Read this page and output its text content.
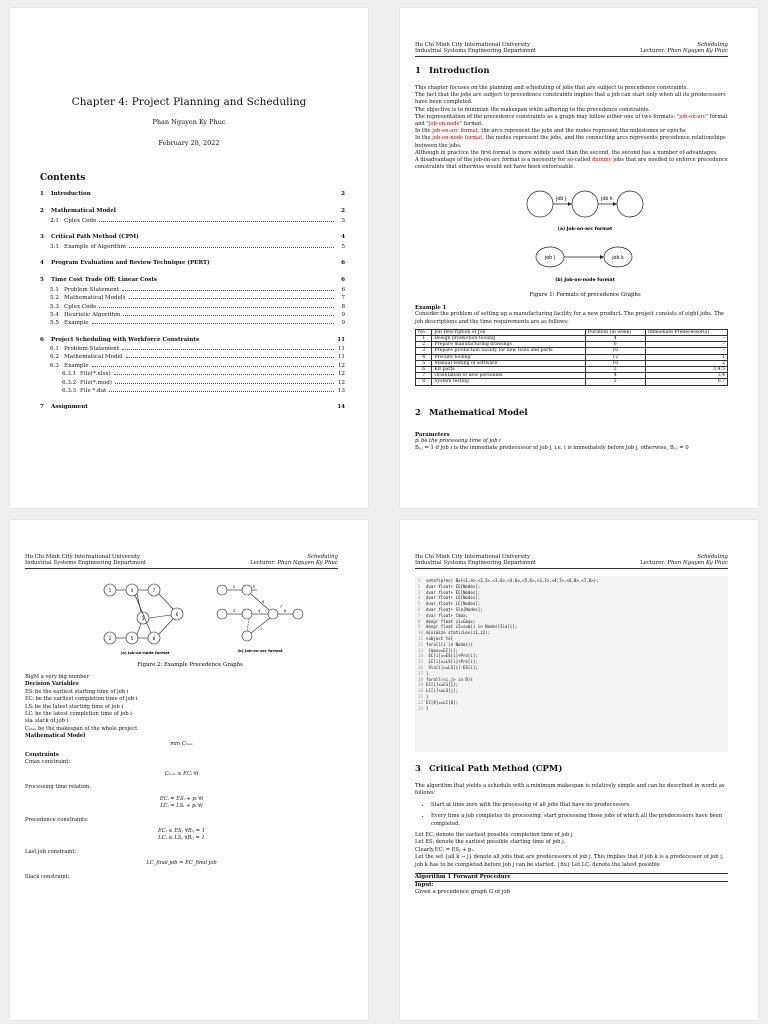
Chapter 4: Project Planning and Scheduling
Phan Nguyen Ky Phuc
February 28, 2022
Contents
1	Introduction	2
2	Mathematical Model	2
2.1 Cplex Code	3
3	Critical Path Method (CPM)	4
3.1 Example of Algorithm	5
4	Program Evaluation and Review Technique (PERT)	6
5	Time Cost Trade Off: Linear Costs	6
5.1 Problem Statement	6
5.2 Mathematical Models	7
5.3 Cplex Code	8
5.4 Heuristic Algorithm	9
5.5 Example	9
6	Project Scheduling with Workforce Constraints	11
6.1 Problem Statement	11
6.2 Mathematical Model	11
6.3 Example	12
6.3.1 File(*.xlsx)	12
6.3.2 File(*.mod)	12
6.3.3 File *.dat	13
7	Assignment	14
Ho Chi Minh City International University
Industrial Systems Engineering Department
Scheduling
Lecturer: Phan Nguyen Ky Phuc
1 Introduction

This chapter focuses on the planning and scheduling of jobs that are subject to precedence constraints.

The fact that the jobs are subject to precedence constraints implies that a job can start only when all its predecessors have been completed.

The objective is to minimize the makespan while adhering to the precedence constraints.

The representation of the precedence constraints as a graph may follow either one of two formats: "job-on-arc" format and "job-on-node" format.

In the job-on-arc format, the arcs represent the jobs and the nodes represent the milestones or epochs

In the job-on-node format, the nodes represent the jobs, and the connecting arcs represents precedence relationships between the jobs.

Although in practice the first format is more widely used than the second, the second has a number of advantages.

A disadvantage of the job-on-arc format is a necessity for so-called dummy jobs that are needed to enforce precedence constraints that otherwise would not have been enforceable.

job j	job k
(a) Job-on-arc format
job j	job k
(b) Job-on-node format
Figure 1: Formats of precedence Graphs
Example 1

Consider the problem of setting up a manufacturing facility for a new product. The project consists of eight jobs. The job descriptions and the time requirements are as follows:

No.	Job Description of Job	Duration (in week)	Immediate Predecessor(s)
1	Design production tooling	4	–
2	Prepare manufacturing drawings	6	–
3	Prepare production facility for new tools and parts	10	–
4	Procure tooling	12	1
5	Manual testing of software	10	2
6	Kit parts	2	3,4,5
7	Orientation of new personnel	4	3,4
8	System testing	2	6,7
2 Mathematical Model
Parameters

pᵢ be the processing time of job i

Bᵢ,ⱼ = 1 if job i is the immediate predecessor of job j, i.e. i is immediately before job j, otherwise, Bᵢ,ⱼ = 0

Ho Chi Minh City International University
Industrial Systems Engineering Department
Scheduling
Lecturer: Phan Nguyen Ky Phuc
1	4	7
3
6
2	5	8
2	5
3	4	8
6
7
1
(a) Job-on-node format	(b) Job-on-arc format
Figure 2: Example Precedence Graphs
BigM a very big number
Decision Variables
ESᵢ be the earliest starting time of job i
ECᵢ be the earliest completion time of job i
LSᵢ be the latest starting time of job i
LCᵢ be the latest completion time of job i
slaᵢ slack of job i
Cₘₐₓ be the makespan of the whole project
Mathematical Model
min Cₘₐₓ
Constraints
Cmax constraint:
Cₘₐₓ ≥ ECᵢ ∀i
Processing time relation:
ECᵢ = ESᵢ + pᵢ ∀i
LCᵢ = LSᵢ + pᵢ ∀i
Precedence constraints:
ECᵢ ≤ ESⱼ ∀Bᵢⱼ = 1
LCᵢ ≤ LSⱼ ∀Bᵢⱼ = 1
Last job constraint:
LC_final job = EC_final job
Slack constraint:
Ho Chi Minh City International University
Industrial Systems Engineering Department
Scheduling
Lecturer: Phan Nguyen Ky Phuc
1 setof(prec) B={<1,4>,<2,5>,<3,6>,<4,6>,<5,6>,<3,7>,<4,7>,<6,8>,<7,8>};
2 dvar float+ ES[Nodes];
3 dvar float+ EC[Nodes];
4 dvar float+ LS[Nodes];
5 dvar float+ LC[Nodes];
6 dvar float+ Sla[Nodes];
7 dvar float+ Cmax;
8 dexpr float z1=Cmax;
9 dexpr float z2=sum(i in Nodes)Sla[i];
10 minimize staticLex(z1,z2);
11 subject to{
12 forall(i in Nodes){
13 Cmax>=EC[i];
14 EC[i]==ES[i]+Pro[i];
15 LC[i]==LS[i]+Pro[i];
16 Sla[i]==LS[i]-ES[i];
17 }
18 forall(<i,j> in B){
19 EC[i]<=ES[j];
20 LC[i]<=LS[j];
21 }
22 EC[8]==LC[8];
23 }
3 Critical Path Method (CPM)

The algorithm that yields a schedule with a minimum makespan is relatively simple and can be described in words as follows:

• Start at time zero with the processing of all jobs that have no predecessors.
• Every time a job completes its processing, start processing those jobs of which all the predecessors have been completed.

Let ECⱼ denote the earliest possible completion time of job j

Let ESⱼ denote the earliest possible starting time of job j.

Clearly,ECⱼ = ESⱼ + pⱼ.

Let the set {all k → j} denote all jobs that are predecessors of job j. This implies that if job k is a predecessor of job j, job k has to be completed before job j can be started. {fix} Let LCⱼ denote the latest possible

Algorithm 1 Forward Procedure
Input:
Given a precedence graph G of job
